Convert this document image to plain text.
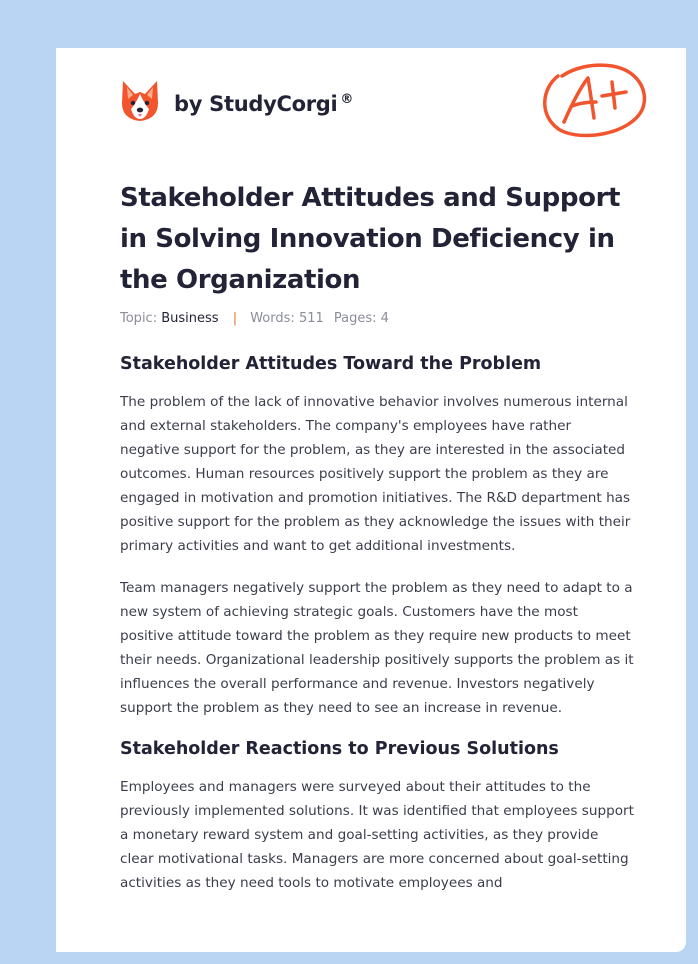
by StudyCorgi ®
Stakeholder Attitudes and Support in Solving Innovation Deficiency in the Organization
Topic: Business | Words: 511 Pages: 4
Stakeholder Attitudes Toward the Problem

The problem of the lack of innovative behavior involves numerous internal and external stakeholders. The company's employees have rather negative support for the problem, as they are interested in the associated outcomes. Human resources positively support the problem as they are engaged in motivation and promotion initiatives. The R&D department has positive support for the problem as they acknowledge the issues with their primary activities and want to get additional investments.

Team managers negatively support the problem as they need to adapt to a new system of achieving strategic goals. Customers have the most positive attitude toward the problem as they require new products to meet their needs. Organizational leadership positively supports the problem as it influences the overall performance and revenue. Investors negatively support the problem as they need to see an increase in revenue.

Stakeholder Reactions to Previous Solutions

Employees and managers were surveyed about their attitudes to the previously implemented solutions. It was identified that employees support a monetary reward system and goal-setting activities, as they provide clear motivational tasks. Managers are more concerned about goal-setting activities as they need tools to motivate employees and
